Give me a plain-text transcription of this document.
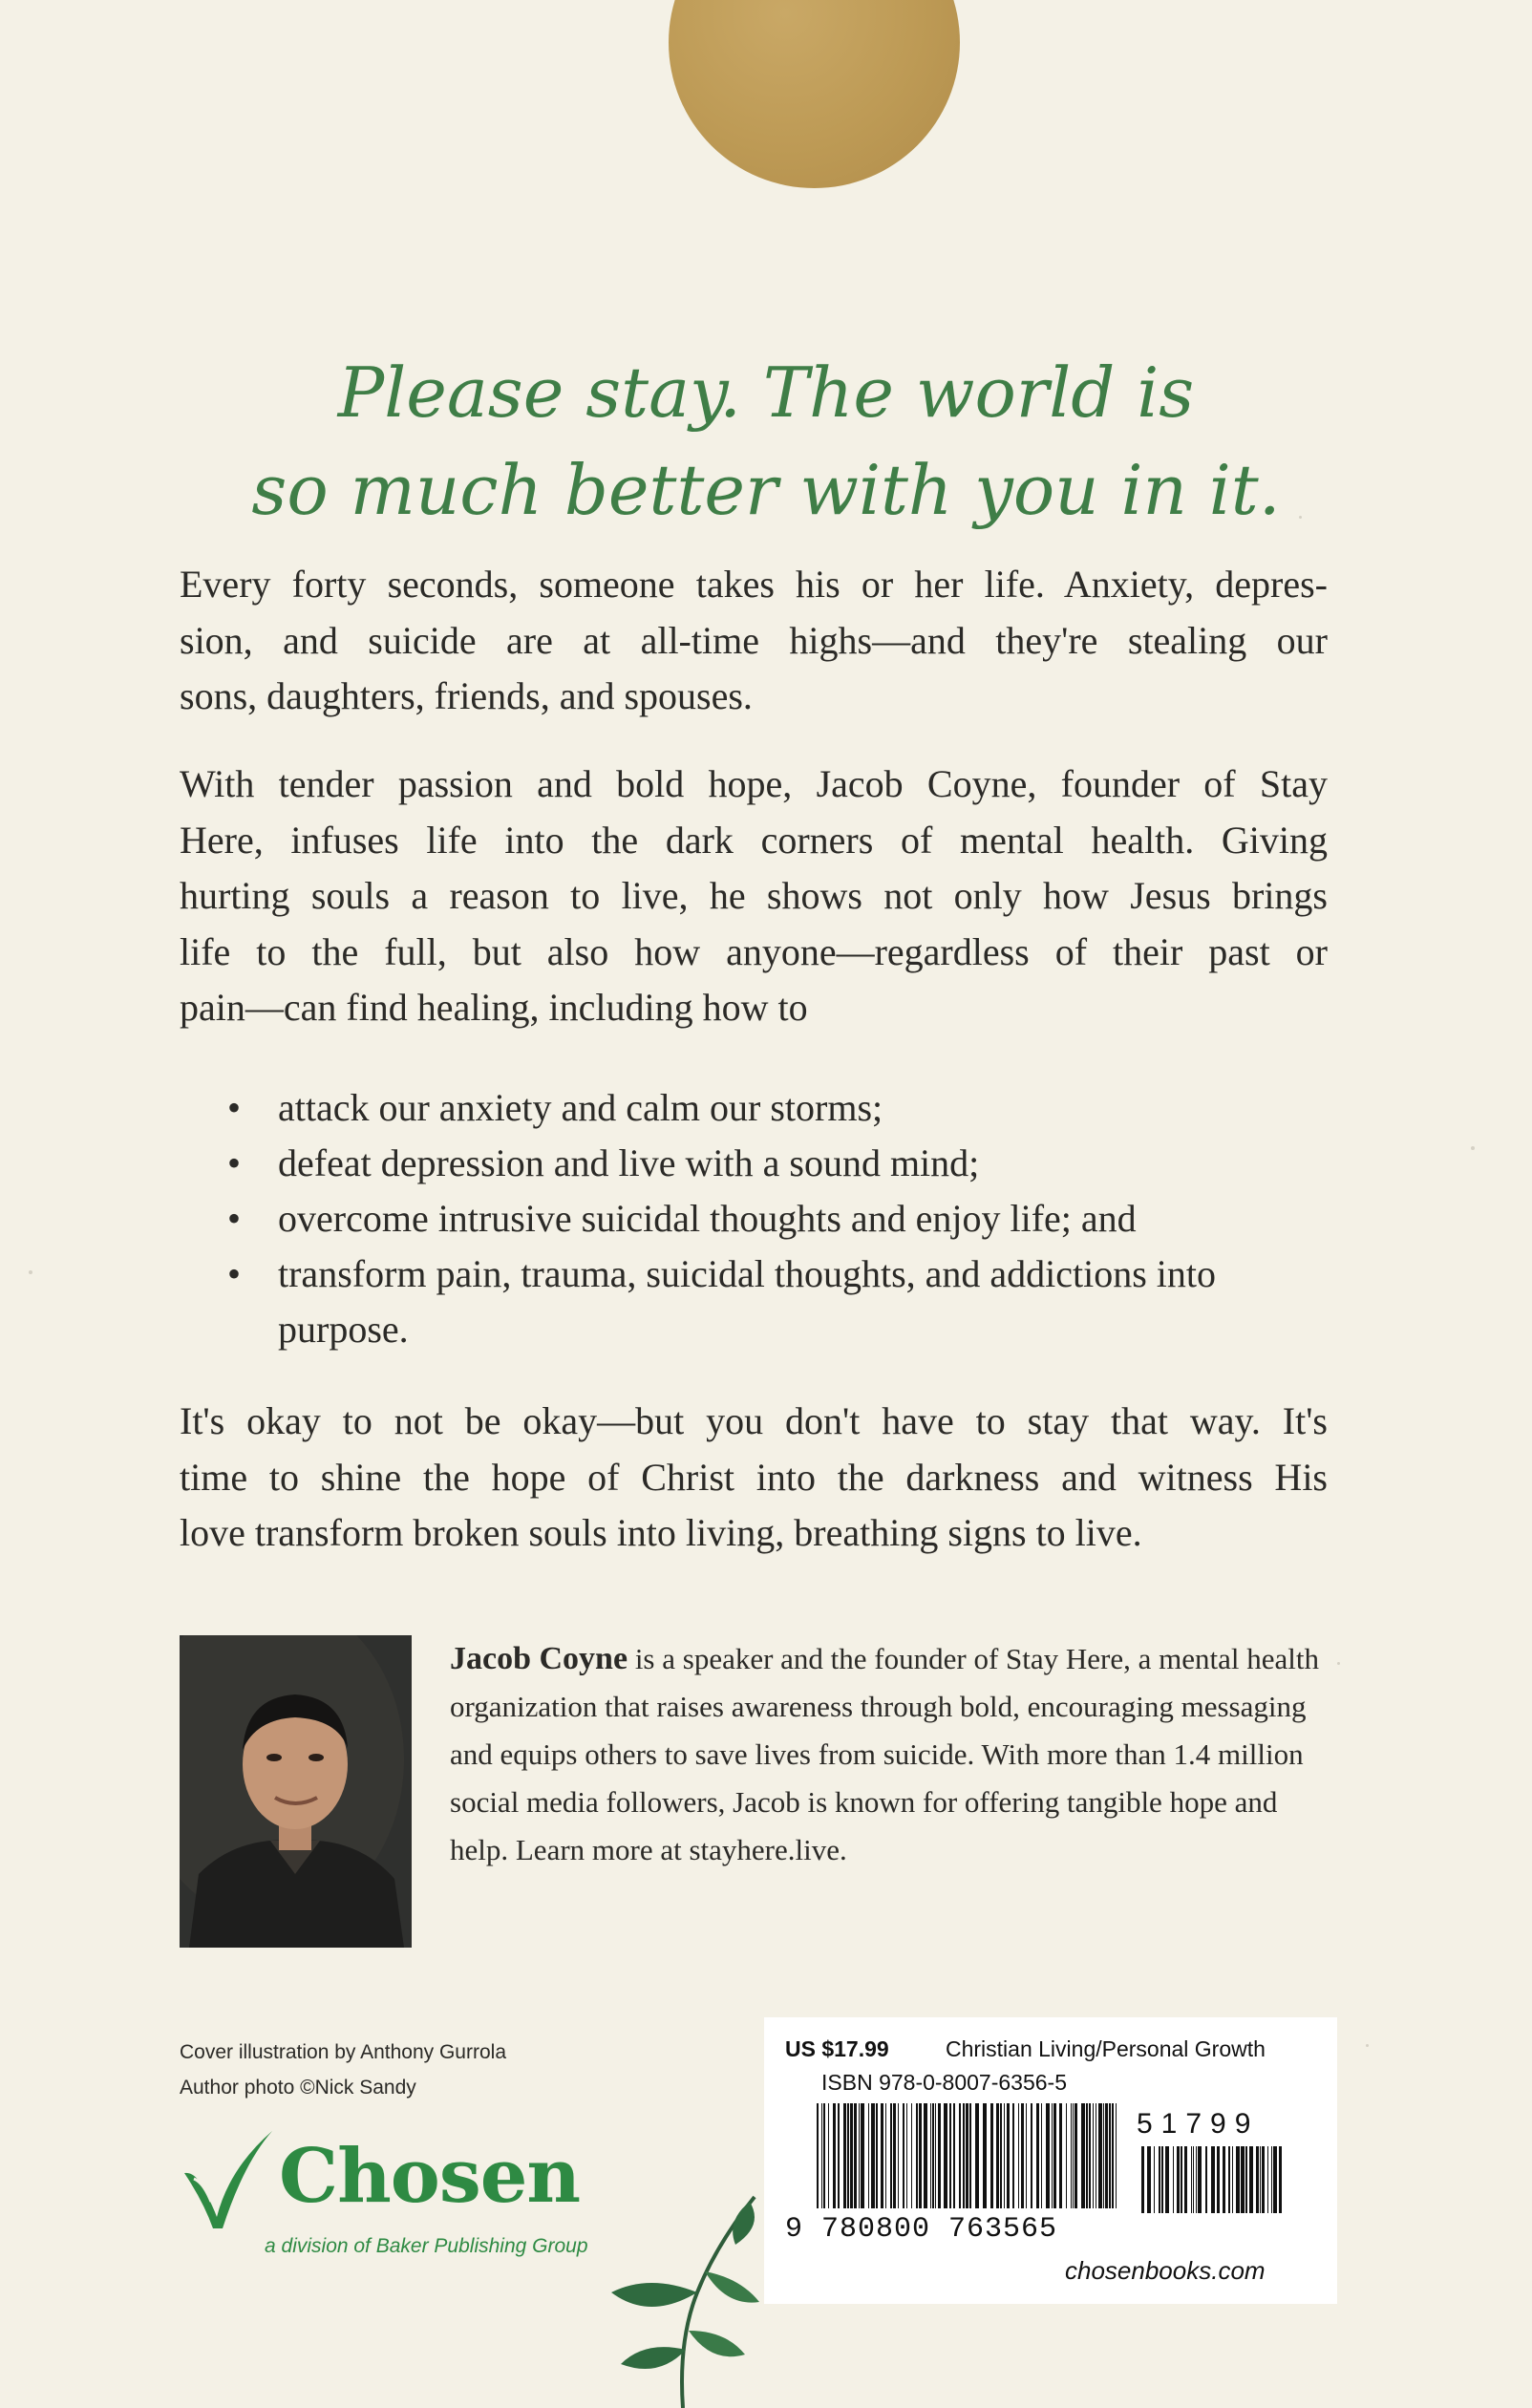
Please stay. The world is
so much better with you in it.
Every forty seconds, someone takes his or her life. Anxiety, depres-
sion, and suicide are at all-time highs—and they're stealing our
sons, daughters, friends, and spouses.
With tender passion and bold hope, Jacob Coyne, founder of Stay
Here, infuses life into the dark corners of mental health. Giving
hurting souls a reason to live, he shows not only how Jesus brings
life to the full, but also how anyone—regardless of their past or
pain—can find healing, including how to
• attack our anxiety and calm our storms;
• defeat depression and live with a sound mind;
• overcome intrusive suicidal thoughts and enjoy life; and
• transform pain, trauma, suicidal thoughts, and addictions into purpose.
It's okay to not be okay—but you don't have to stay that way. It's
time to shine the hope of Christ into the darkness and witness His
love transform broken souls into living, breathing signs to live.
Jacob Coyne is a speaker and the founder of Stay Here, a mental health organization that raises awareness through bold, encouraging messaging and equips others to save lives from suicide. With more than 1.4 million social media followers, Jacob is known for offering tangible hope and help. Learn more at stayhere.live.
Cover illustration by Anthony Gurrola
Author photo ©Nick Sandy
Chosen
a division of Baker Publishing Group
US $17.99	Christian Living/Personal Growth
ISBN 978-0-8007-6356-5
51799
9 780800 763565
chosenbooks.com
